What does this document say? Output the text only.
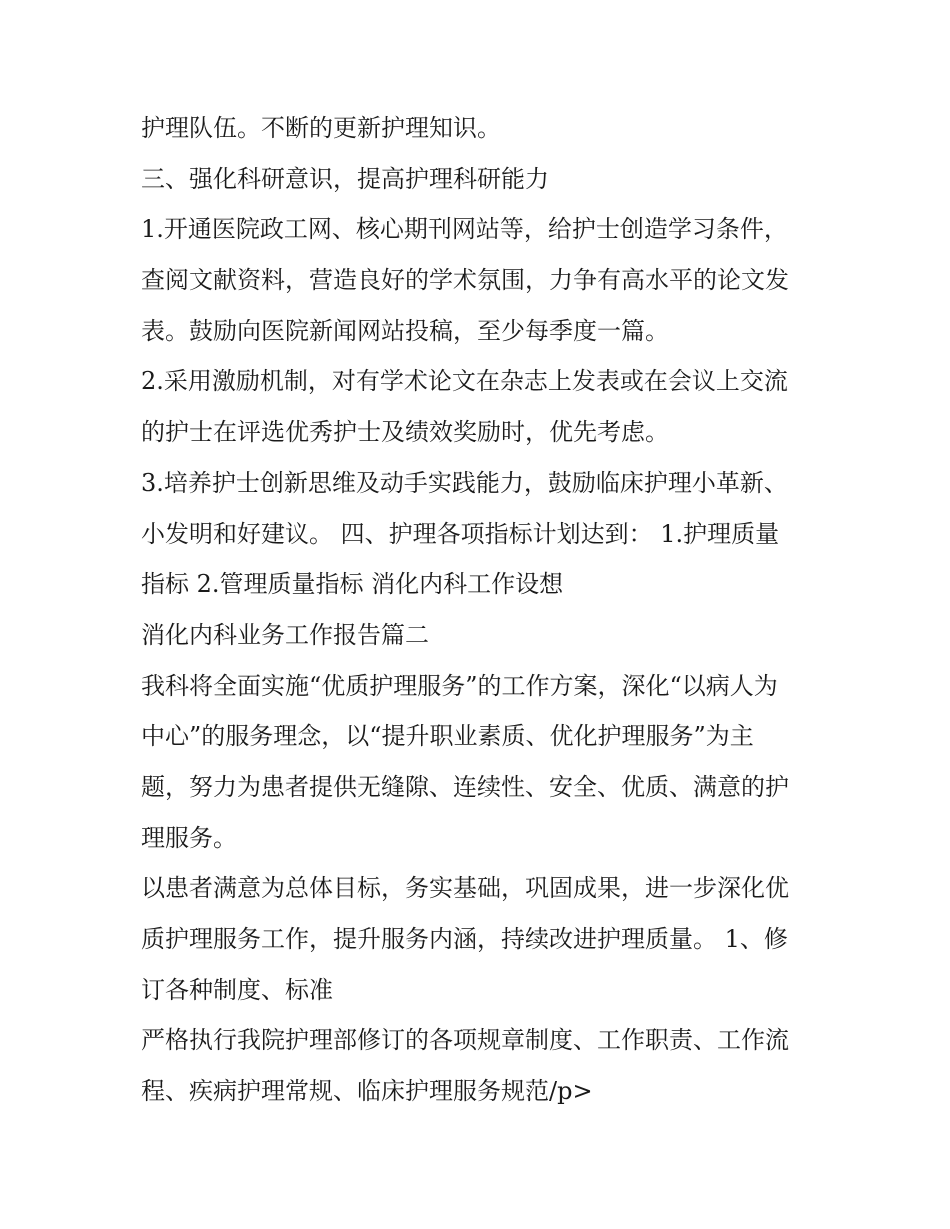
护理队伍。不断的更新护理知识。
三、强化科研意识，提高护理科研能力
1.开通医院政工网、核心期刊网站等，给护士创造学习条件，
查阅文献资料，营造良好的学术氛围，力争有高水平的论文发
表。鼓励向医院新闻网站投稿，至少每季度一篇。
2.采用激励机制，对有学术论文在杂志上发表或在会议上交流
的护士在评选优秀护士及绩效奖励时，优先考虑。
3.培养护士创新思维及动手实践能力，鼓励临床护理小革新、
小发明和好建议。 四、护理各项指标计划达到： 1.护理质量
指标 2.管理质量指标 消化内科工作设想
消化内科业务工作报告篇二
我科将全面实施“优质护理服务”的工作方案，深化“以病人为
中心”的服务理念，以“提升职业素质、优化护理服务”为主
题，努力为患者提供无缝隙、连续性、安全、优质、满意的护
理服务。
以患者满意为总体目标，务实基础，巩固成果，进一步深化优
质护理服务工作，提升服务内涵，持续改进护理质量。 1、修
订各种制度、标准
严格执行我院护理部修订的各项规章制度、工作职责、工作流
程、疾病护理常规、临床护理服务规范/p>
